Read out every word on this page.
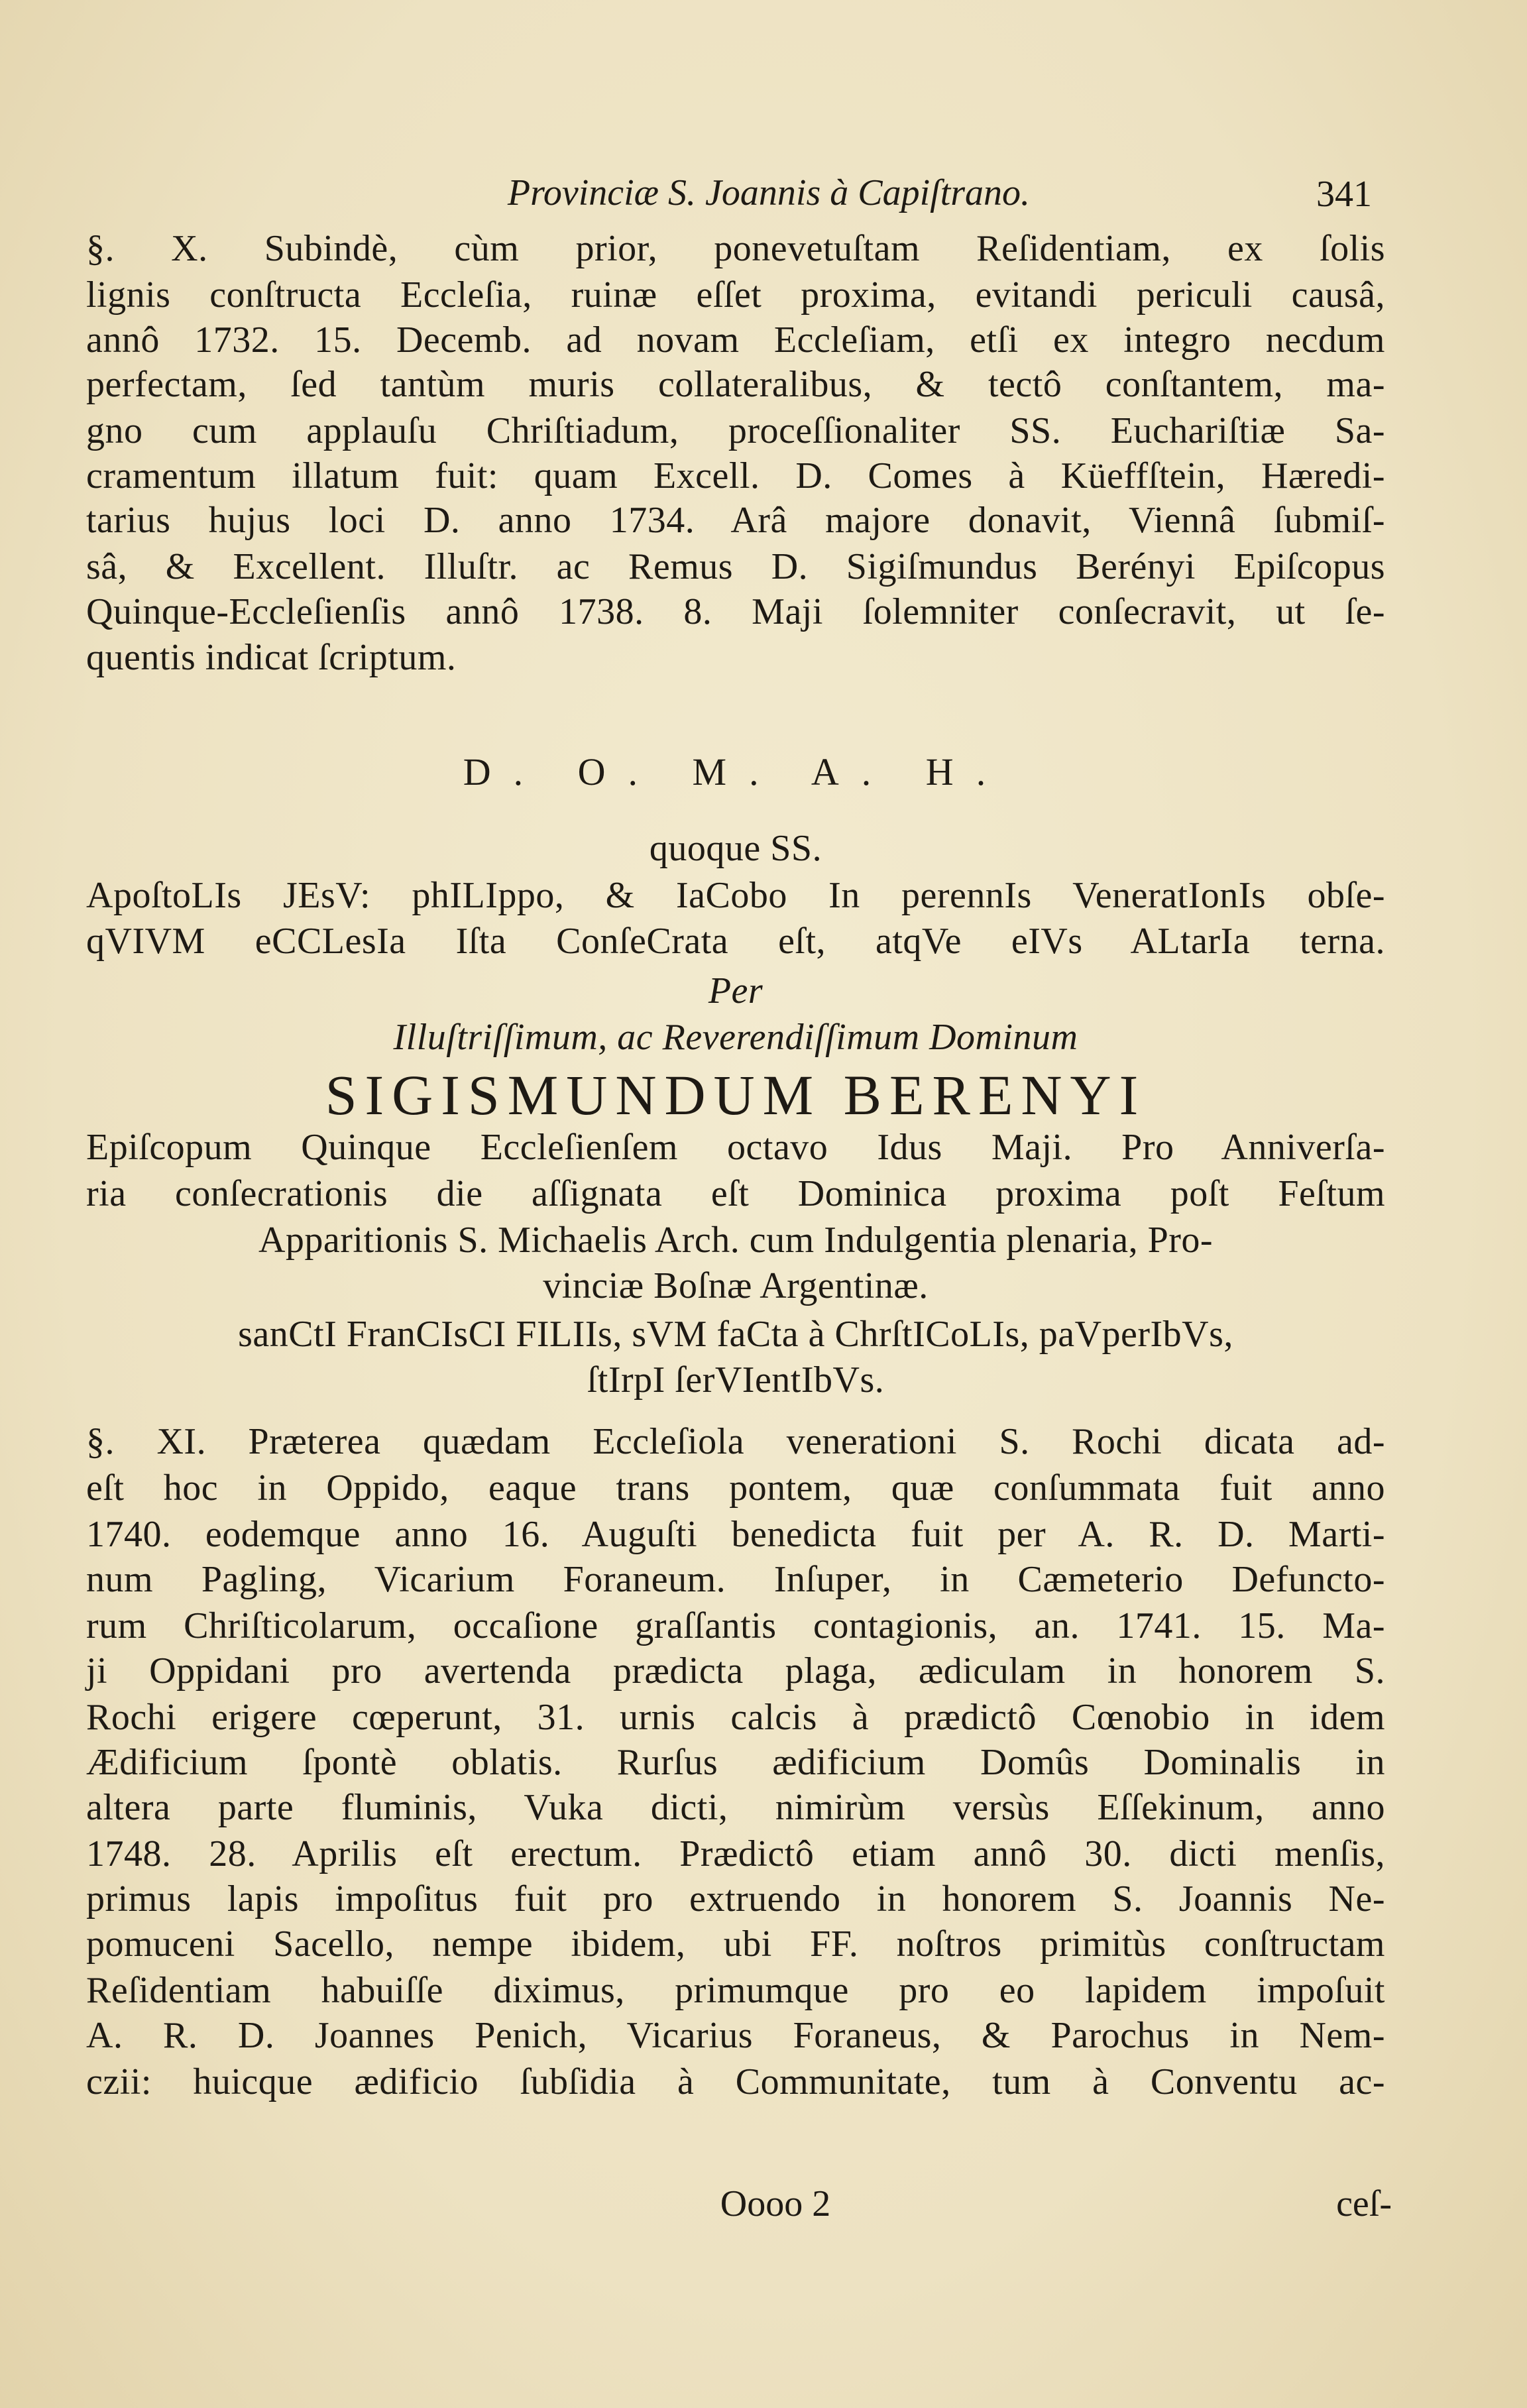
Provinciæ S. Joannis à Capiſtrano.	341
§. X. Subindè, cùm prior, ponevetuſtam Reſidentiam, ex ſolis
lignis conſtructa Eccleſia, ruinæ eſſet proxima, evitandi periculi causâ,
annô 1732. 15. Decemb. ad novam Eccleſiam, etſi ex integro necdum
perfectam, ſed tantùm muris collateralibus, & tectô conſtantem, ma-
gno cum applauſu Chriſtiadum, proceſſionaliter SS. Euchariſtiæ Sa-
cramentum illatum fuit: quam Excell. D. Comes à Küeffſtein, Hæredi-
tarius hujus loci D. anno 1734. Arâ majore donavit, Viennâ ſubmiſ-
sâ, & Excellent. Illuſtr. ac Remus D. Sigiſmundus Berényi Epiſcopus
Quinque-Eccleſienſis annô 1738. 8. Maji ſolemniter conſecravit, ut ſe-
quentis indicat ſcriptum.
D. O. M. A. H.
quoque SS.
ApoſtoLIs JEsV: phILIppo, & IaCobo In perennIs VeneratIonIs obſe-
qVIVM eCCLesIa Iſta ConſeCrata eſt, atqVe eIVs ALtarIa terna.
Per
Illuſtriſſimum, ac Reverendiſſimum Dominum
SIGISMUNDUM BERENYI
Epiſcopum Quinque Eccleſienſem octavo Idus Maji. Pro Anniverſa-
ria conſecrationis die aſſignata eſt Dominica proxima poſt Feſtum
Apparitionis S. Michaelis Arch. cum Indulgentia plenaria, Pro-
vinciæ Boſnæ Argentinæ.
sanCtI FranCIsCI FILIIs, sVM faCta à ChrſtICoLIs, paVperIbVs,
ſtIrpI ſerVIentIbVs.
§. XI. Præterea quædam Eccleſiola venerationi S. Rochi dicata ad-
eſt hoc in Oppido, eaque trans pontem, quæ conſummata fuit anno
1740. eodemque anno 16. Auguſti benedicta fuit per A. R. D. Marti-
num Pagling, Vicarium Foraneum. Inſuper, in Cæmeterio Defuncto-
rum Chriſticolarum, occaſione graſſantis contagionis, an. 1741. 15. Ma-
ji Oppidani pro avertenda prædicta plaga, ædiculam in honorem S.
Rochi erigere cœperunt, 31. urnis calcis à prædictô Cœnobio in idem
Ædificium ſpontè oblatis. Rurſus ædificium Domûs Dominalis in
altera parte fluminis, Vuka dicti, nimirùm versùs Eſſekinum, anno
1748. 28. Aprilis eſt erectum. Prædictô etiam annô 30. dicti menſis,
primus lapis impoſitus fuit pro extruendo in honorem S. Joannis Ne-
pomuceni Sacello, nempe ibidem, ubi FF. noſtros primitùs conſtructam
Reſidentiam habuiſſe diximus, primumque pro eo lapidem impoſuit
A. R. D. Joannes Penich, Vicarius Foraneus, & Parochus in Nem-
czii: huicque ædificio ſubſidia à Communitate, tum à Conventu ac-
Oooo 2	ceſ-
